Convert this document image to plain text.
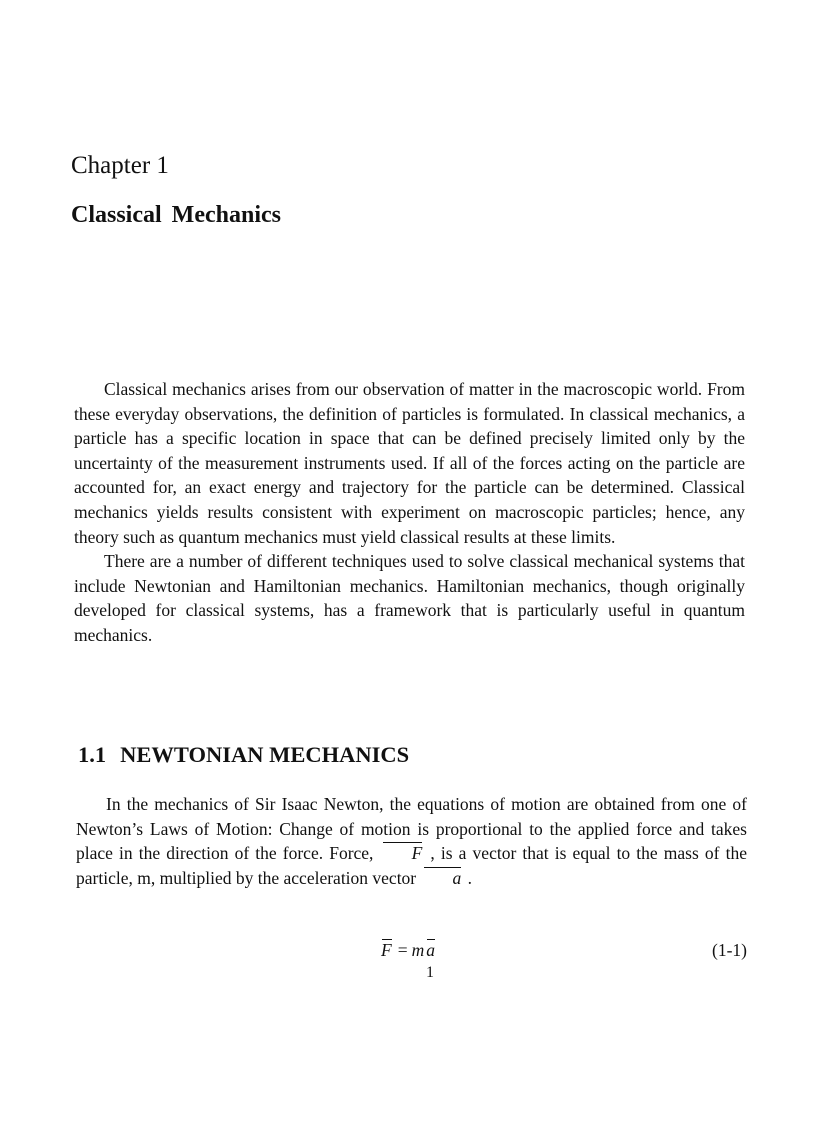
Chapter 1
Classical Mechanics

Classical mechanics arises from our observation of matter in the macroscopic world. From these everyday observations, the definition of particles is formulated. In classical mechanics, a particle has a specific location in space that can be defined precisely limited only by the uncertainty of the measurement instruments used. If all of the forces acting on the particle are accounted for, an exact energy and trajectory for the particle can be determined. Classical mechanics yields results consistent with experiment on macroscopic particles; hence, any theory such as quantum mechanics must yield classical results at these limits.

There are a number of different techniques used to solve classical mechanical systems that include Newtonian and Hamiltonian mechanics. Hamiltonian mechanics, though originally developed for classical systems, has a framework that is particularly useful in quantum mechanics.

1.1 NEWTONIAN MECHANICS

In the mechanics of Sir Isaac Newton, the equations of motion are obtained from one of Newton’s Laws of Motion: Change of motion is proportional to the applied force and takes place in the direction of the force. Force, F , is a vector that is equal to the mass of the particle, m, multiplied by the acceleration vector a .

F = m a	(1-1)
1
